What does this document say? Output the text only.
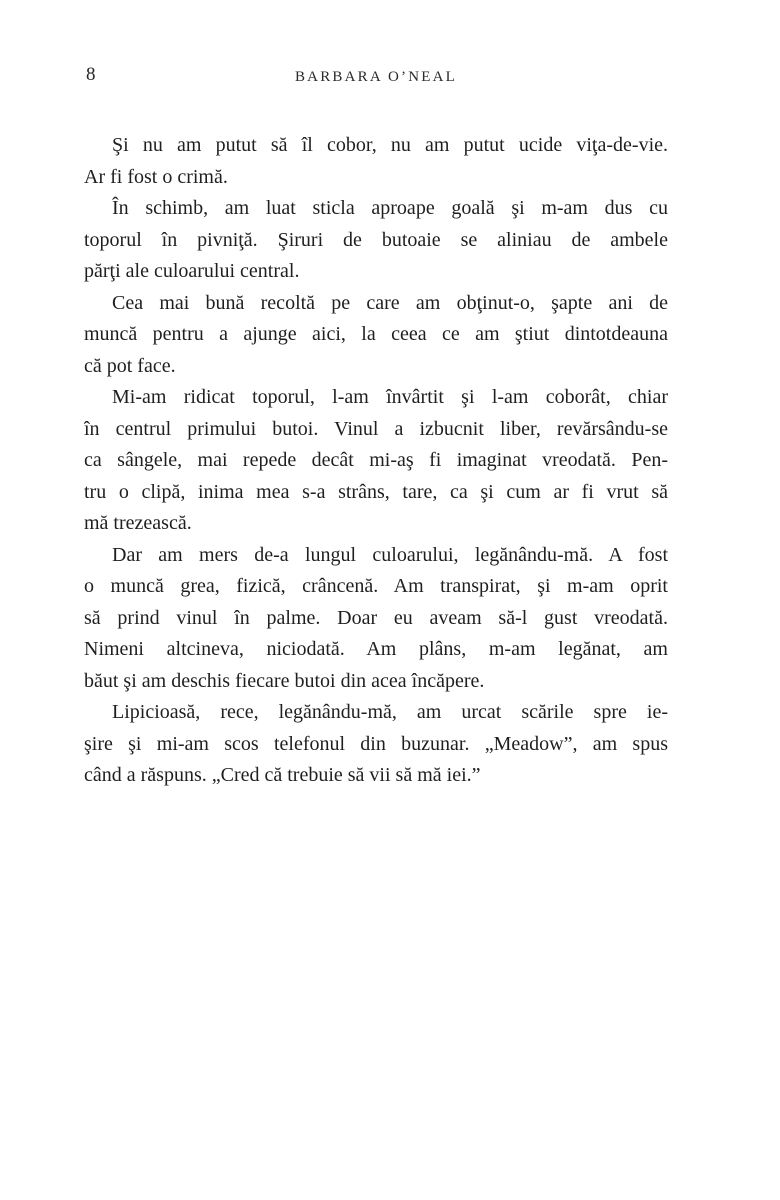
8	BARBARA O’NEAL
Şi nu am putut să îl cobor, nu am putut ucide viţa-de-vie.
Ar fi fost o crimă.
În schimb, am luat sticla aproape goală şi m-am dus cu
toporul în pivniţă. Şiruri de butoaie se aliniau de ambele
părţi ale culoarului central.
Cea mai bună recoltă pe care am obţinut-o, şapte ani de
muncă pentru a ajunge aici, la ceea ce am ştiut dintotdeauna
că pot face.
Mi-am ridicat toporul, l-am învârtit şi l-am coborât, chiar
în centrul primului butoi. Vinul a izbucnit liber, revărsându-se
ca sângele, mai repede decât mi-aş fi imaginat vreodată. Pen-
tru o clipă, inima mea s-a strâns, tare, ca şi cum ar fi vrut să
mă trezească.
Dar am mers de-a lungul culoarului, legănându-mă. A fost
o muncă grea, fizică, crâncenă. Am transpirat, şi m-am oprit
să prind vinul în palme. Doar eu aveam să-l gust vreodată.
Nimeni altcineva, niciodată. Am plâns, m-am legănat, am
băut şi am deschis fiecare butoi din acea încăpere.
Lipicioasă, rece, legănându-mă, am urcat scările spre ie-
şire şi mi-am scos telefonul din buzunar. „Meadow”, am spus
când a răspuns. „Cred că trebuie să vii să mă iei.”
